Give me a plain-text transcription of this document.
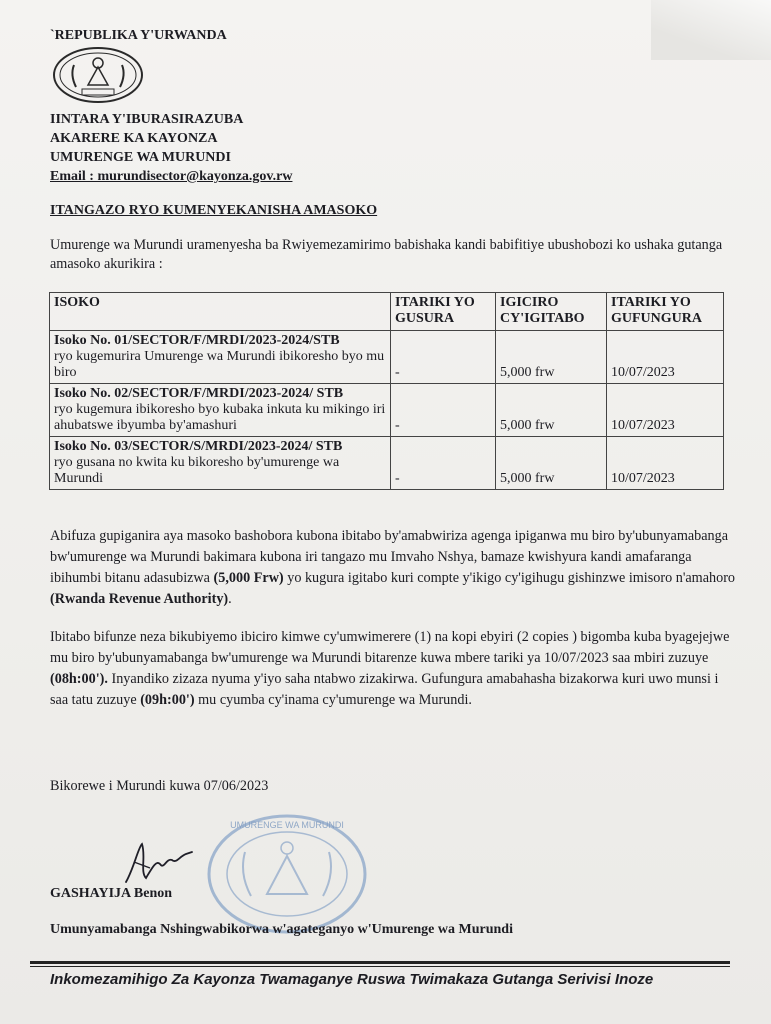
`REPUBLIKA Y'URWANDA
IINTARA Y'IBURASIRAZUBA
AKARERE KA KAYONZA
UMURENGE WA MURUNDI
Email : murundisector@kayonza.gov.rw
ITANGAZO RYO KUMENYEKANISHA AMASOKO
Umurenge wa Murundi uramenyesha ba Rwiyemezamirimo babishaka kandi babifitiye ubushobozi ko ushaka gutanga amasoko akurikira :
ISOKO	ITARIKI YO GUSURA	IGICIRO CY'IGITABO	ITARIKI YO GUFUNGURA
Isoko No. 01/SECTOR/F/MRDI/2023-2024/STB
ryo kugemurira Umurenge wa Murundi ibikoresho byo mu biro	-	5,000 frw	10/07/2023
Isoko No. 02/SECTOR/F/MRDI/2023-2024/ STB
ryo kugemura ibikoresho byo kubaka inkuta ku mikingo iri ahubatswe ibyumba by'amashuri	-	5,000 frw	10/07/2023
Isoko No. 03/SECTOR/S/MRDI/2023-2024/ STB
ryo gusana no kwita ku bikoresho by'umurenge wa Murundi	-	5,000 frw	10/07/2023
Abifuza gupiganira aya masoko bashobora kubona ibitabo by'amabwiriza agenga ipiganwa mu biro by'ubunyamabanga bw'umurenge wa Murundi bakimara kubona iri tangazo mu Imvaho Nshya, bamaze kwishyura kandi amafaranga ibihumbi bitanu adasubizwa (5,000 Frw) yo kugura igitabo kuri compte y'ikigo cy'igihugu gishinzwe imisoro n'amahoro (Rwanda Revenue Authority).
Ibitabo bifunze neza bikubiyemo ibiciro kimwe cy'umwimerere (1) na kopi ebyiri (2 copies ) bigomba kuba byagejejwe mu biro by'ubunyamabanga bw'umurenge wa Murundi bitarenze kuwa mbere tariki ya 10/07/2023 saa mbiri zuzuye (08h:00'). Inyandiko zizaza nyuma y'iyo saha ntabwo zizakirwa. Gufungura amabahasha bizakorwa kuri uwo munsi i saa tatu zuzuye (09h:00') mu cyumba cy'inama cy'umurenge wa Murundi.
Bikorewe i Murundi kuwa 07/06/2023
UMURENGE WA MURUNDI
GASHAYIJA Benon
Umunyamabanga Nshingwabikorwa w'agateganyo w'Umurenge wa Murundi
Inkomezamihigo Za Kayonza Twamaganye Ruswa Twimakaza Gutanga Serivisi Inoze
